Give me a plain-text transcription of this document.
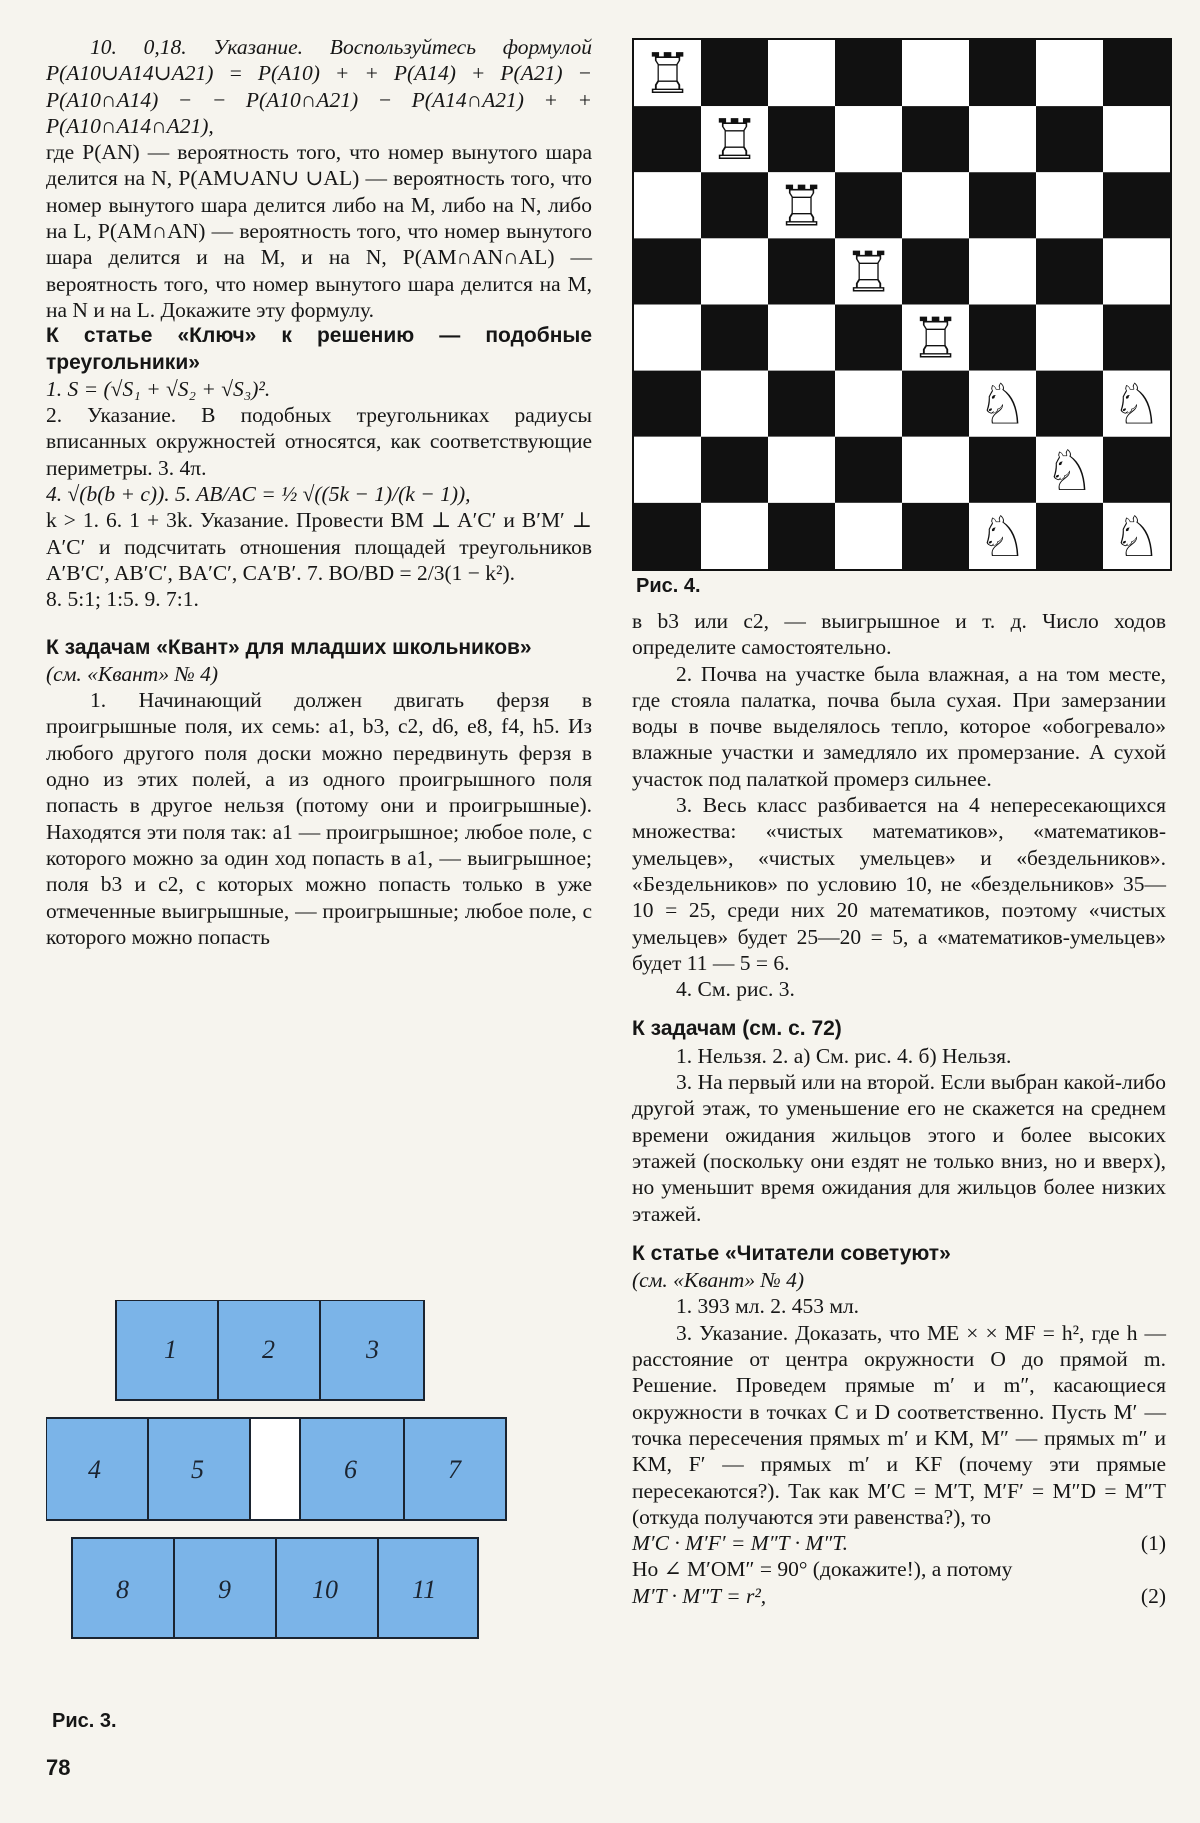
10. 0,18. Указание. Воспользуйтесь формулой P(A10∪A14∪A21) = P(A10) + + P(A14) + P(A21) − P(A10∩A14) − − P(A10∩A21) − P(A14∩A21) + + P(A10∩A14∩A21),

где P(AN) — вероятность того, что номер вынутого шара делится на N, P(AM∪AN∪ ∪AL) — вероятность того, что номер вынутого шара делится либо на M, либо на N, либо на L, P(AM∩AN) — вероятность того, что номер вынутого шара делится и на M, и на N, P(AM∩AN∩AL) — вероятность того, что номер вынутого шара делится на M, на N и на L. Докажите эту формулу.

К статье «Ключ» к решению — подобные треугольники»

1. S = (√S₁ + √S₂ + √S₃)².

2. Указание. В подобных треугольниках радиусы вписанных окружностей относятся, как соответствующие периметры. 3. 4π.

4. √(b(b + c)). 5. AB/AC = ½ √((5k − 1)/(k − 1)),

k > 1. 6. 1 + 3k. Указание. Провести BM ⊥ A′C′ и B′M′ ⊥ A′C′ и подсчитать отношения площадей треугольников A′B′C′, AB′C′, BA′C′, CA′B′. 7. BO/BD = 2/3(1 − k²).

8. 5:1; 1:5. 9. 7:1.

К задачам «Квант» для младших школьников»

(см. «Квант» № 4)

1. Начинающий должен двигать ферзя в проигрышные поля, их семь: a1, b3, c2, d6, e8, f4, h5. Из любого другого поля доски можно передвинуть ферзя в одно из этих полей, а из одного проигрышного поля попасть в другое нельзя (потому они и проигрышные). Находятся эти поля так: a1 — проигрышное; любое поле, с которого можно за один ход попасть в a1, — выигрышное; поля b3 и c2, с которых можно попасть только в уже отмеченные выигрышные, — проигрышные; любое поле, с которого можно попасть

♖
♖
♖
♖
♖
♘ ♘
♘
♘ ♘
Рис. 4.

в b3 или c2, — выигрышное и т. д. Число ходов определите самостоятельно.

2. Почва на участке была влажная, а на том месте, где стояла палатка, почва была сухая. При замерзании воды в почве выделялось тепло, которое «обогревало» влажные участки и замедляло их промерзание. А сухой участок под палаткой промерз сильнее.

3. Весь класс разбивается на 4 непересекающихся множества: «чистых математиков», «математиков-умельцев», «чистых умельцев» и «бездельников». «Бездельников» по условию 10, не «бездельников» 35—10 = 25, среди них 20 математиков, поэтому «чистых умельцев» будет 25—20 = 5, а «математиков-умельцев» будет 11 — 5 = 6.

4. См. рис. 3.

К задачам (см. с. 72)

1. Нельзя. 2. а) См. рис. 4. б) Нельзя.

3. На первый или на второй. Если выбран какой-либо другой этаж, то уменьшение его не скажется на среднем времени ожидания жильцов этого и более высоких этажей (поскольку они ездят не только вниз, но и вверх), но уменьшит время ожидания для жильцов более низких этажей.

К статье «Читатели советуют»

(см. «Квант» № 4)

1. 393 мл. 2. 453 мл.

3. Указание. Доказать, что ME × × MF = h², где h — расстояние от центра окружности O до прямой m. Решение. Проведем прямые m′ и m″, касающиеся окружности в точках C и D соответственно. Пусть M′ — точка пересечения прямых m′ и KM, M″ — прямых m″ и KM, F′ — прямых m′ и KF (почему эти прямые пересекаются?). Так как M′C = M′T, M′F′ = M″D = M″T (откуда получаются эти равенства?), то

M′C · M′F′ = M″T · M″T.	(1)

Но ∠ M′OM″ = 90° (докажите!), а потому

M′T · M″T = r²,	(2)

1	2	3
4	5	6	7
8	9	10	11
Рис. 3.
78
